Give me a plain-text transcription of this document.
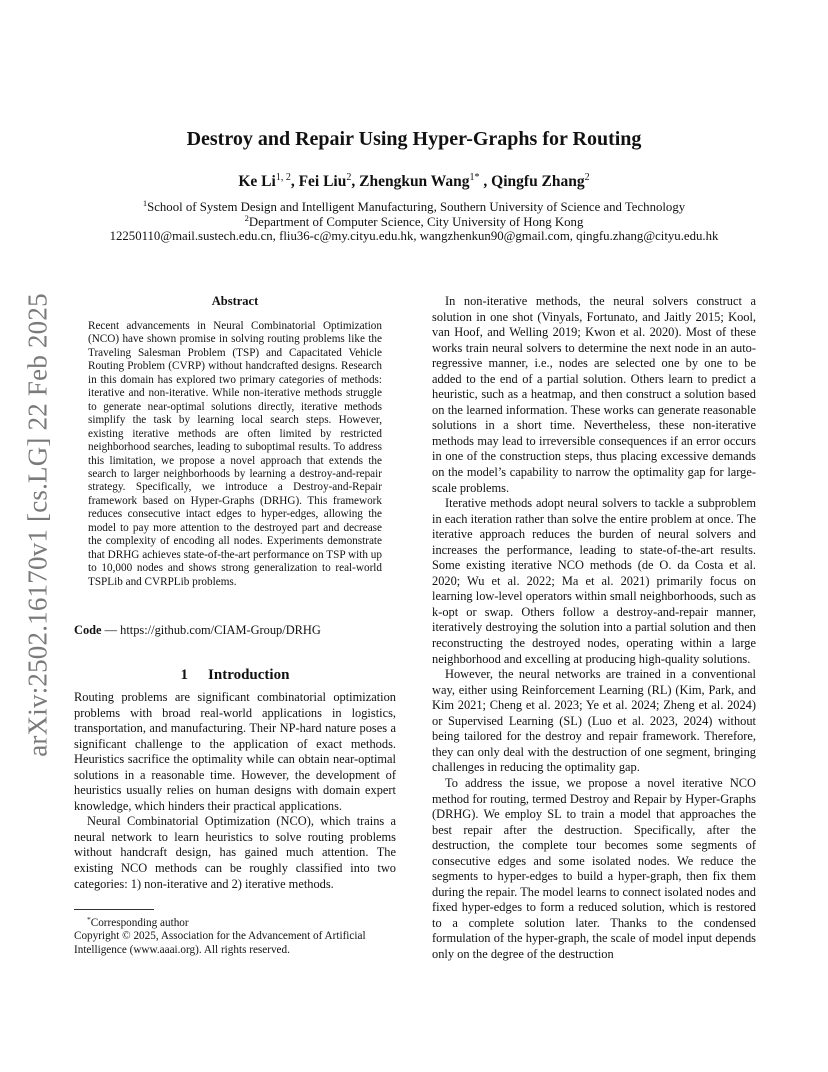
arXiv:2502.16170v1 [cs.LG] 22 Feb 2025
Destroy and Repair Using Hyper-Graphs for Routing
Ke Li$^{1, 2}$, Fei Liu$^2$, Zhengkun Wang$^{1*}$ , Qingfu Zhang$^2$
$^1$School of System Design and Intelligent Manufacturing, Southern University of Science and Technology
$^2$Department of Computer Science, City University of Hong Kong
12250110@mail.sustech.edu.cn, fliu36-c@my.cityu.edu.hk, wangzhenkun90@gmail.com, qingfu.zhang@cityu.edu.hk
Abstract
Recent advancements in Neural Combinatorial Optimization (NCO) have shown promise in solving routing problems like the Traveling Salesman Problem (TSP) and Capacitated Vehicle Routing Problem (CVRP) without handcrafted designs. Research in this domain has explored two primary categories of methods: iterative and non-iterative. While non-iterative methods struggle to generate near-optimal solutions directly, iterative methods simplify the task by learning local search steps. However, existing iterative methods are often limited by restricted neighborhood searches, leading to suboptimal results. To address this limitation, we propose a novel approach that extends the search to larger neighborhoods by learning a destroy-and-repair strategy. Specifically, we introduce a Destroy-and-Repair framework based on Hyper-Graphs (DRHG). This framework reduces consecutive intact edges to hyper-edges, allowing the model to pay more attention to the destroyed part and decrease the complexity of encoding all nodes. Experiments demonstrate that DRHG achieves state-of-the-art performance on TSP with up to 10,000 nodes and shows strong generalization to real-world TSPLib and CVRPLib problems.
Code — https://github.com/CIAM-Group/DRHG
1 Introduction

Routing problems are significant combinatorial optimization problems with broad real-world applications in logistics, transportation, and manufacturing. Their NP-hard nature poses a significant challenge to the application of exact methods. Heuristics sacrifice the optimality while can obtain near-optimal solutions in a reasonable time. However, the development of heuristics usually relies on human designs with domain expert knowledge, which hinders their practical applications.

Neural Combinatorial Optimization (NCO), which trains a neural network to learn heuristics to solve routing problems without handcraft design, has gained much attention. The existing NCO methods can be roughly classified into two categories: 1) non-iterative and 2) iterative methods.

*Corresponding author
Copyright © 2025, Association for the Advancement of Artificial Intelligence (www.aaai.org). All rights reserved.

In non-iterative methods, the neural solvers construct a solution in one shot (Vinyals, Fortunato, and Jaitly 2015; Kool, van Hoof, and Welling 2019; Kwon et al. 2020). Most of these works train neural solvers to determine the next node in an auto-regressive manner, i.e., nodes are selected one by one to be added to the end of a partial solution. Others learn to predict a heuristic, such as a heatmap, and then construct a solution based on the learned information. These works can generate reasonable solutions in a short time. Nevertheless, these non-iterative methods may lead to irreversible consequences if an error occurs in one of the construction steps, thus placing excessive demands on the model’s capability to narrow the optimality gap for large-scale problems.

Iterative methods adopt neural solvers to tackle a subproblem in each iteration rather than solve the entire problem at once. The iterative approach reduces the burden of neural solvers and increases the performance, leading to state-of-the-art results. Some existing iterative NCO methods (de O. da Costa et al. 2020; Wu et al. 2022; Ma et al. 2021) primarily focus on learning low-level operators within small neighborhoods, such as k-opt or swap. Others follow a destroy-and-repair manner, iteratively destroying the solution into a partial solution and then reconstructing the destroyed nodes, operating within a large neighborhood and excelling at producing high-quality solutions.

However, the neural networks are trained in a conventional way, either using Reinforcement Learning (RL) (Kim, Park, and Kim 2021; Cheng et al. 2023; Ye et al. 2024; Zheng et al. 2024) or Supervised Learning (SL) (Luo et al. 2023, 2024) without being tailored for the destroy and repair framework. Therefore, they can only deal with the destruction of one segment, bringing challenges in reducing the optimality gap.

To address the issue, we propose a novel iterative NCO method for routing, termed Destroy and Repair by Hyper-Graphs (DRHG). We employ SL to train a model that approaches the best repair after the destruction. Specifically, after the destruction, the complete tour becomes some segments of consecutive edges and some isolated nodes. We reduce the segments to hyper-edges to build a hyper-graph, then fix them during the repair. The model learns to connect isolated nodes and fixed hyper-edges to form a reduced solution, which is restored to a complete solution later. Thanks to the condensed formulation of the hyper-graph, the scale of model input depends only on the degree of the destruction
